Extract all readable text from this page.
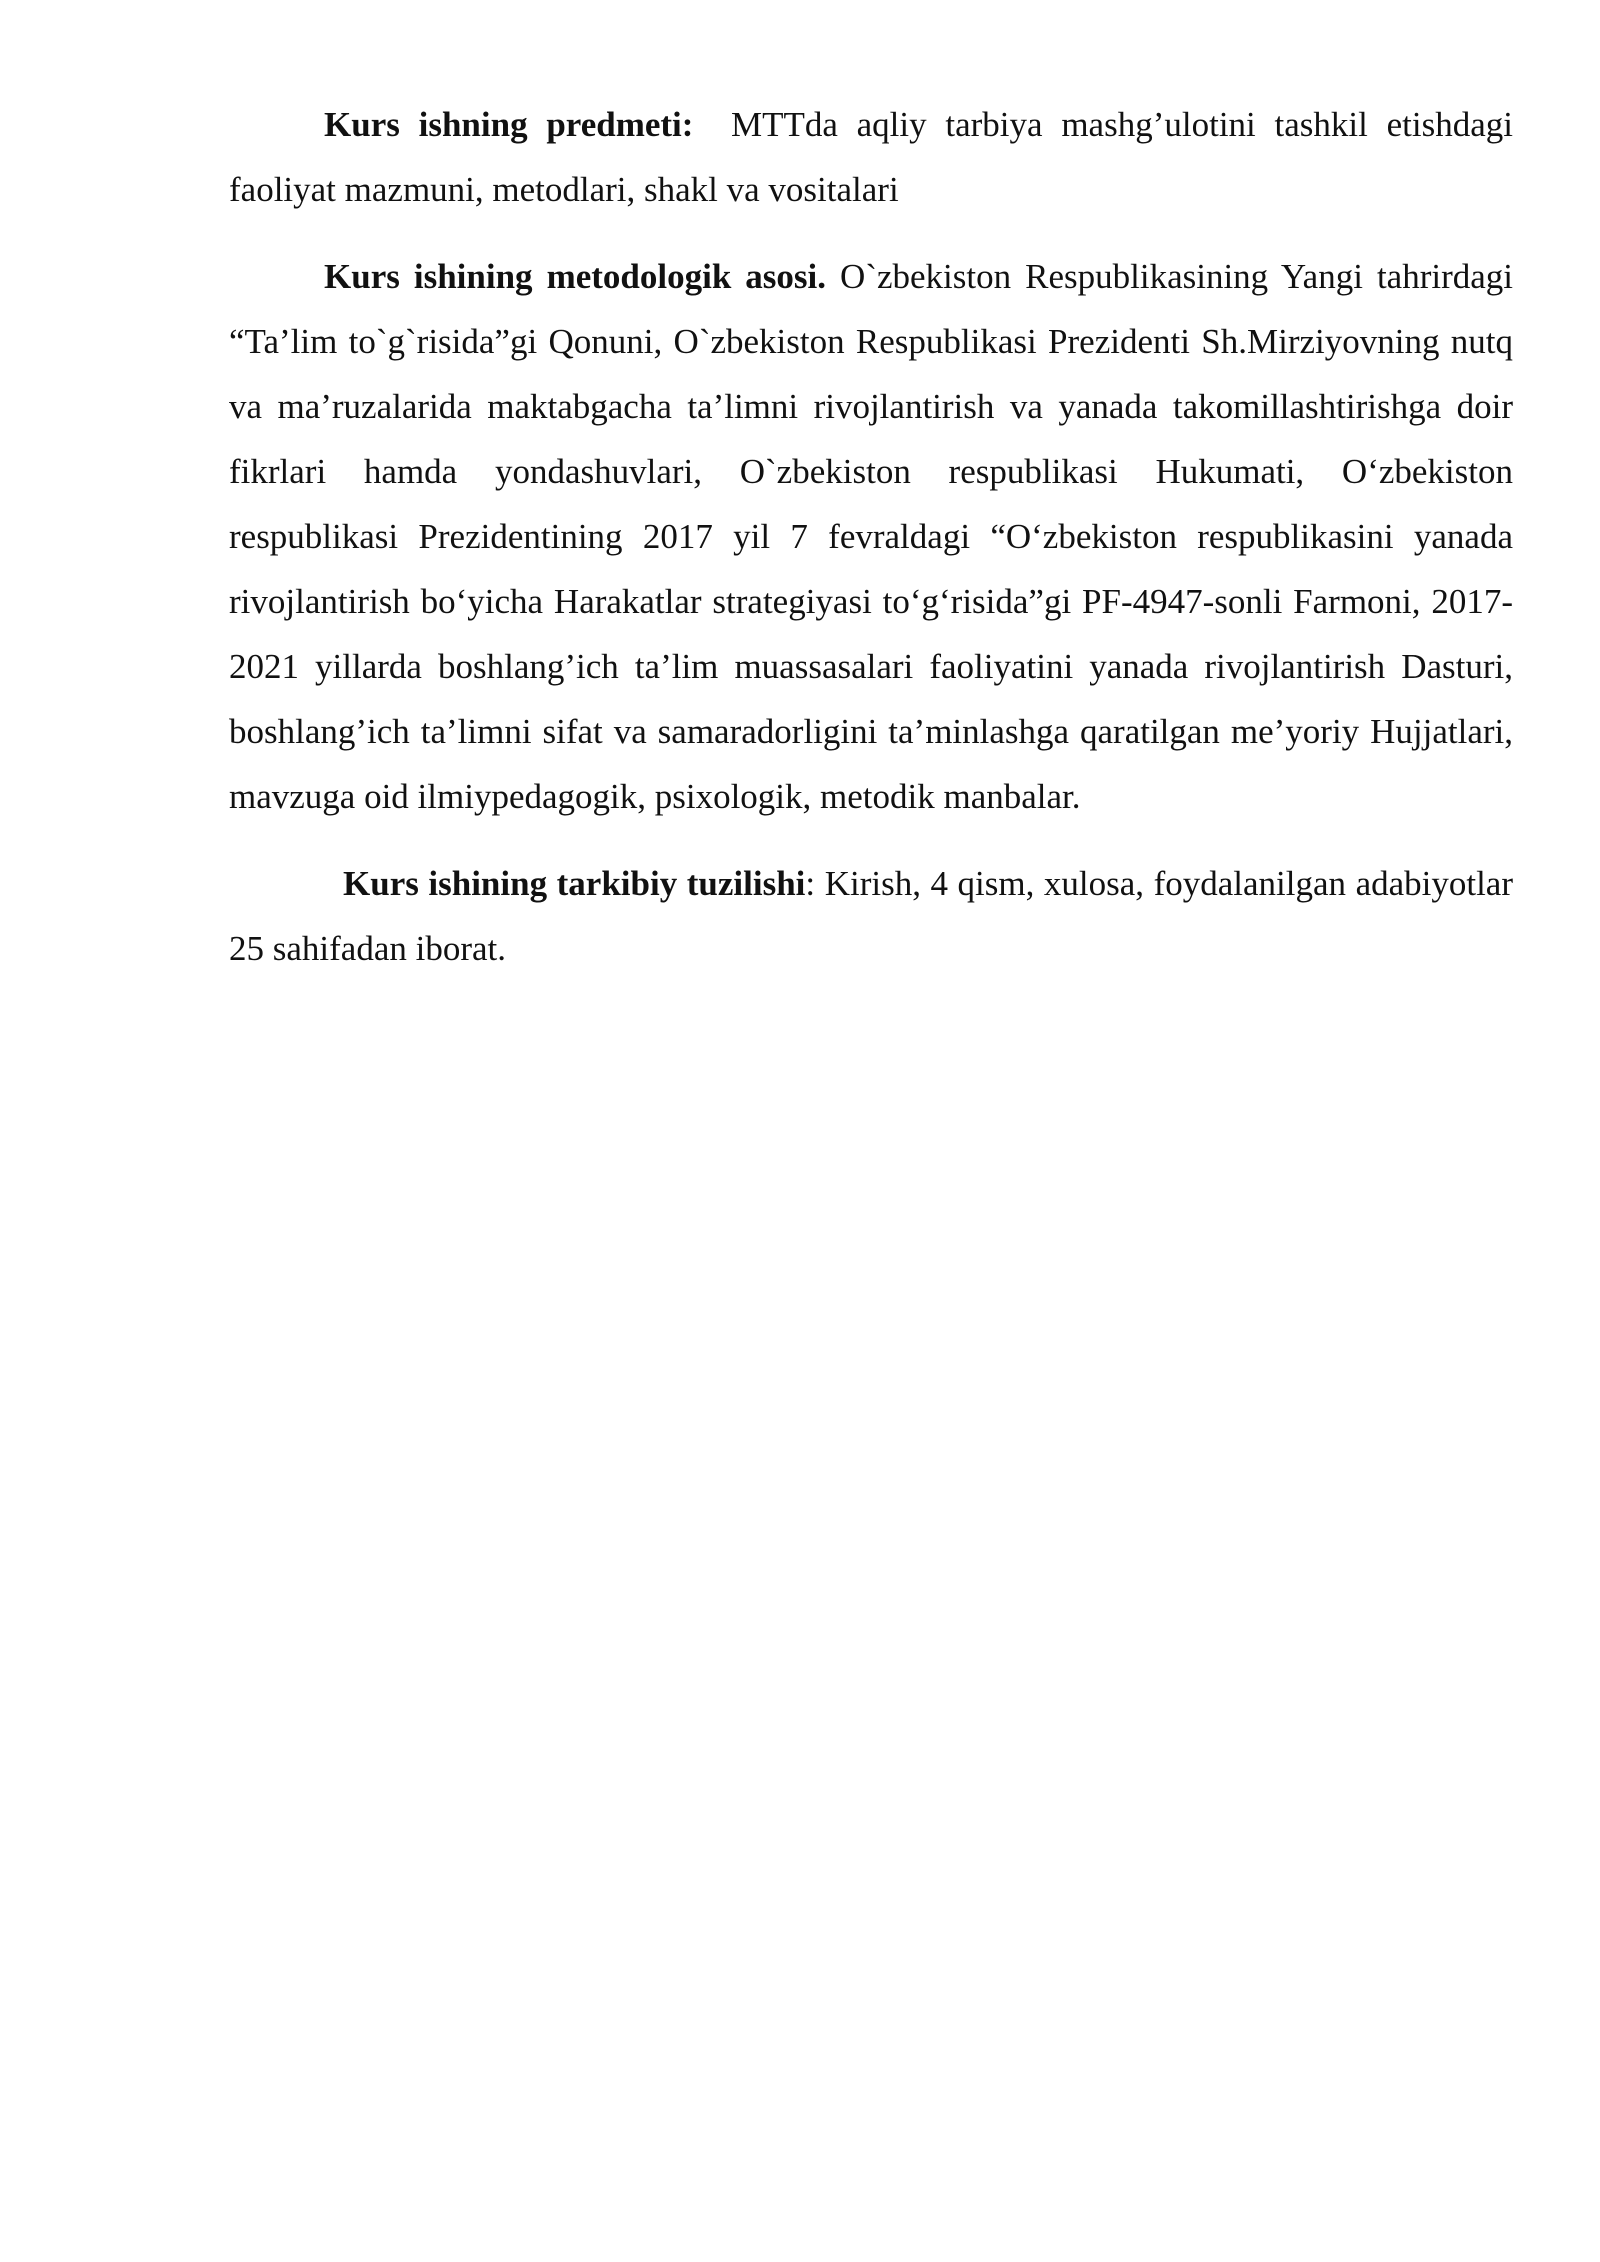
Kurs ishning predmeti: MTTda aqliy tarbiya mashg’ulotini tashkil etishdagi faoliyat mazmuni, metodlari, shakl va vositalari

Kurs ishining metodologik asosi. O`zbekiston Respublikasining Yangi tahrirdagi “Ta’lim to`g`risida”gi Qonuni, O`zbekiston Respublikasi Prezidenti Sh.Mirziyovning nutq va ma’ruzalarida maktabgacha ta’limni rivojlantirish va yanada takomillashtirishga doir fikrlari hamda yondashuvlari, O`zbekiston respublikasi Hukumati, O‘zbekiston respublikasi Prezidentining 2017 yil 7 fevraldagi “O‘zbekiston respublikasini yanada rivojlantirish bo‘yicha Harakatlar strategiyasi to‘g‘risida”gi PF-4947-sonli Farmoni, 2017-2021 yillarda boshlang’ich ta’lim muassasalari faoliyatini yanada rivojlantirish Dasturi, boshlang’ich ta’limni sifat va samaradorligini ta’minlashga qaratilgan me’yoriy Hujjatlari, mavzuga oid ilmiypedagogik, psixologik, metodik manbalar.

Kurs ishining tarkibiy tuzilishi: Kirish, 4 qism, xulosa, foydalanilgan adabiyotlar 25 sahifadan iborat.
